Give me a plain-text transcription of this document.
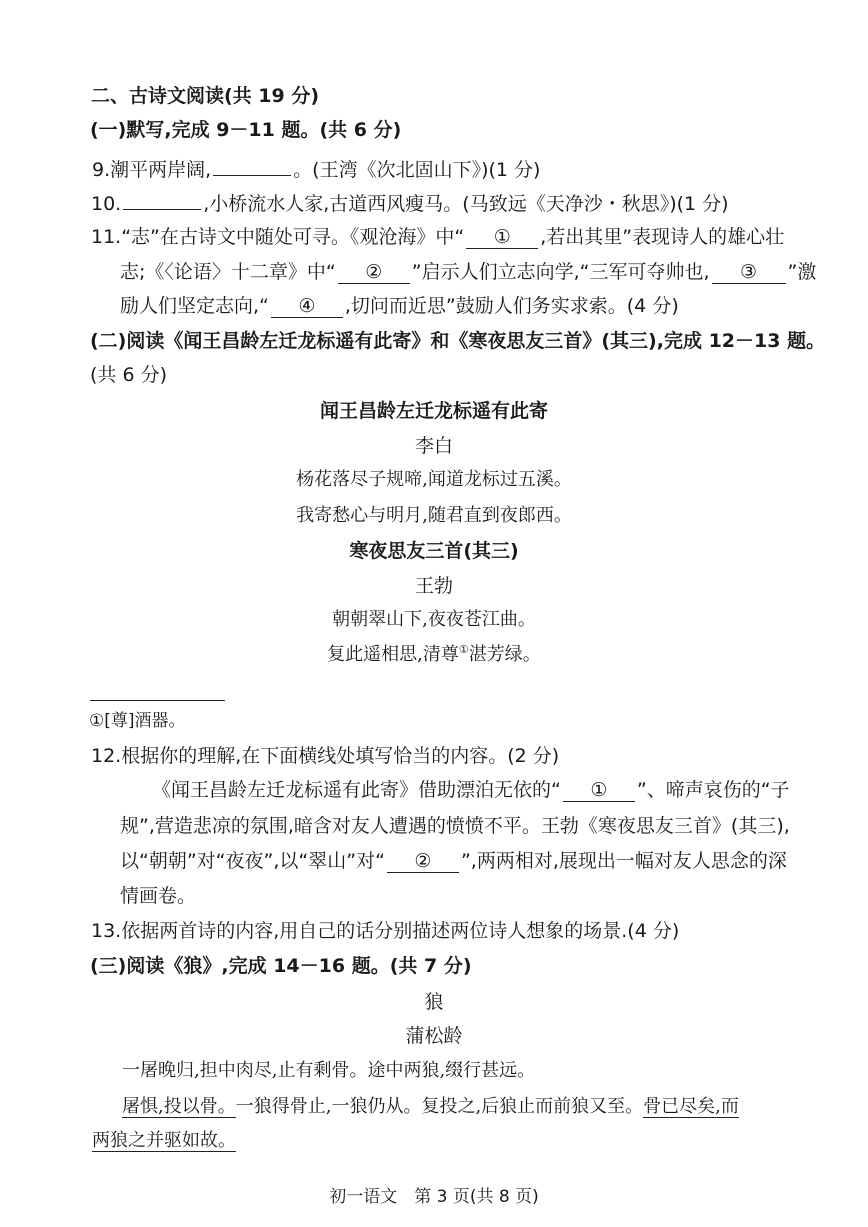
二、古诗文阅读(共 19 分)
(一)默写,完成 9－11 题。(共 6 分)
9.潮平两岸阔,	。(王湾《次北固山下》)(1 分)
10.	,小桥流水人家,古道西风瘦马。(马致远《天净沙・秋思》)(1 分)
11.“志”在古诗文中随处可寻。《观沧海》中“ ① ,若出其里”表现诗人的雄心壮
志;《〈论语〉十二章》中“ ② ”启示人们立志向学,“三军可夺帅也, ③ ”激
励人们坚定志向,“ ④ ,切问而近思”鼓励人们务实求索。(4 分)
(二)阅读《闻王昌龄左迁龙标遥有此寄》和《寒夜思友三首》(其三),完成 12－13 题。
(共 6 分)
闻王昌龄左迁龙标遥有此寄
李白
杨花落尽子规啼,闻道龙标过五溪。
我寄愁心与明月,随君直到夜郎西。
寒夜思友三首(其三)
王勃
朝朝翠山下,夜夜苍江曲。
复此遥相思,清尊①湛芳绿。
①[尊]酒器。
12.根据你的理解,在下面横线处填写恰当的内容。(2 分)
《闻王昌龄左迁龙标遥有此寄》借助漂泊无依的“ ① ”、啼声哀伤的“子
规”,营造悲凉的氛围,暗含对友人遭遇的愤愤不平。王勃《寒夜思友三首》(其三),
以“朝朝”对“夜夜”,以“翠山”对“ ② ”,两两相对,展现出一幅对友人思念的深
情画卷。
13.依据两首诗的内容,用自己的话分别描述两位诗人想象的场景.(4 分)
(三)阅读《狼》,完成 14－16 题。(共 7 分)
狼
蒲松龄
一屠晚归,担中肉尽,止有剩骨。途中两狼,缀行甚远。
屠惧,投以骨。一狼得骨止,一狼仍从。复投之,后狼止而前狼又至。骨已尽矣,而
两狼之并驱如故。
初一语文　第 3 页(共 8 页)
